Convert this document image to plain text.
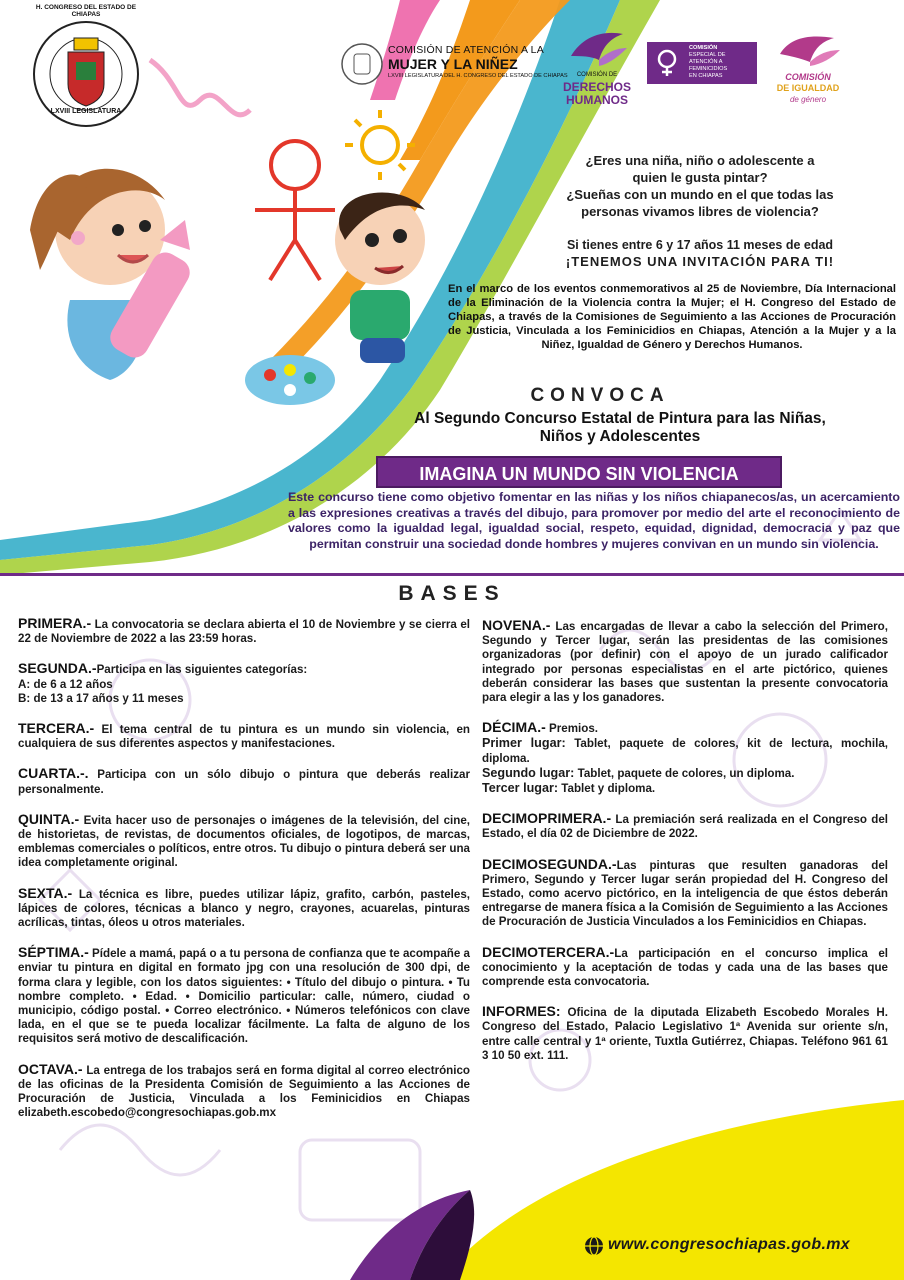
H. CONGRESO DEL ESTADO DE CHIAPAS
LXVIII LEGISLATURA
COMISIÓN DE ATENCIÓN A LA
MUJER Y LA NIÑEZ
LXVIII LEGISLATURA DEL H. CONGRESO DEL ESTADO DE CHIAPAS	COMISIÓN DE
DERECHOS
HUMANOS
COMISIÓN
ESPECIAL DE
ATENCIÓN A
FEMINICIDIOS
EN CHIAPAS	COMISIÓN
DE IGUALDAD
de género
¿Eres una niña, niño o adolescente a
quien le gusta pintar?
¿Sueñas con un mundo en el que todas las
personas vivamos libres de violencia?
Si tienes entre 6 y 17 años 11 meses de edad
¡TENEMOS UNA INVITACIÓN PARA TI!
En el marco de los eventos conmemorativos al 25 de Noviembre, Día Internacional de la Eliminación de la Violencia contra la Mujer; el H. Congreso del Estado de Chiapas, a través de la Comisiones de Seguimiento a las Acciones de Procuración de Justicia, Vinculada a los Feminicidios en Chiapas, Atención a la Mujer y a la Niñez, Igualdad de Género y Derechos Humanos.
CONVOCA
Al Segundo Concurso Estatal de Pintura para las Niñas,
Niños y Adolescentes
IMAGINA UN MUNDO SIN VIOLENCIA
Este concurso tiene como objetivo fomentar en las niñas y los niños chiapanecos/as, un acercamiento a las expresiones creativas a través del dibujo, para promover por medio del arte el reconocimiento de valores como la igualdad legal, igualdad social, respeto, equidad, dignidad, democracia y paz que permitan construir una sociedad donde hombres y mujeres convivan en un mundo sin violencia.
BASES

PRIMERA.- La convocatoria se declara abierta el 10 de Noviembre y se cierra el 22 de Noviembre de 2022 a las 23:59 horas.

SEGUNDA.-Participa en las siguientes categorías:
A: de 6 a 12 años
B: de 13 a 17 años y 11 meses

TERCERA.- El tema central de tu pintura es un mundo sin violencia, en cualquiera de sus diferentes aspectos y manifestaciones.

CUARTA.-. Participa con un sólo dibujo o pintura que deberás realizar personalmente.

QUINTA.- Evita hacer uso de personajes o imágenes de la televisión, del cine, de historietas, de revistas, de documentos oficiales, de logotipos, de marcas, emblemas comerciales o políticos, entre otros. Tu dibujo o pintura deberá ser una idea completamente original.

SEXTA.- La técnica es libre, puedes utilizar lápiz, grafito, carbón, pasteles, lápices de colores, técnicas a blanco y negro, crayones, acuarelas, pinturas acrílicas, tintas, óleos u otros materiales.

SÉPTIMA.- Pídele a mamá, papá o a tu persona de confianza que te acompañe a enviar tu pintura en digital en formato jpg con una resolución de 300 dpi, de forma clara y legible, con los datos siguientes: • Título del dibujo o pintura. • Tu nombre completo. • Edad. • Domicilio particular: calle, número, ciudad o municipio, código postal. • Correo electrónico. • Números telefónicos con clave lada, en el que se te pueda localizar fácilmente. La falta de alguno de los requisitos será motivo de descalificación.

OCTAVA.- La entrega de los trabajos será en forma digital al correo electrónico de las oficinas de la Presidenta Comisión de Seguimiento a las Acciones de Procuración de Justicia, Vinculada a los Feminicidios en Chiapas elizabeth.escobedo@congresochiapas.gob.mx

NOVENA.- Las encargadas de llevar a cabo la selección del Primero, Segundo y Tercer lugar, serán las presidentas de las comisiones organizadoras (por definir) con el apoyo de un jurado calificador integrado por personas especialistas en el arte pictórico, quienes deberán considerar las bases que sustentan la presente convocatoria para elegir a las y los ganadores.

DÉCIMA.- Premios.
Primer lugar: Tablet, paquete de colores, kit de lectura, mochila, diploma.
Segundo lugar: Tablet, paquete de colores, un diploma.
Tercer lugar: Tablet y diploma.

DECIMOPRIMERA.- La premiación será realizada en el Congreso del Estado, el día 02 de Diciembre de 2022.

DECIMOSEGUNDA.-Las pinturas que resulten ganadoras del Primero, Segundo y Tercer lugar serán propiedad del H. Congreso del Estado, como acervo pictórico, en la inteligencia de que éstos deberán entregarse de manera física a la Comisión de Seguimiento a las Acciones de Procuración de Justicia Vinculados a los Feminicidios en Chiapas.

DECIMOTERCERA.-La participación en el concurso implica el conocimiento y la aceptación de todas y cada una de las bases que comprende esta convocatoria.

INFORMES: Oficina de la diputada Elizabeth Escobedo Morales H. Congreso del Estado, Palacio Legislativo 1ª Avenida sur oriente s/n, entre calle central y 1ª oriente, Tuxtla Gutiérrez, Chiapas. Teléfono 961 61 3 10 50 ext. 111.

www.congresochiapas.gob.mx
